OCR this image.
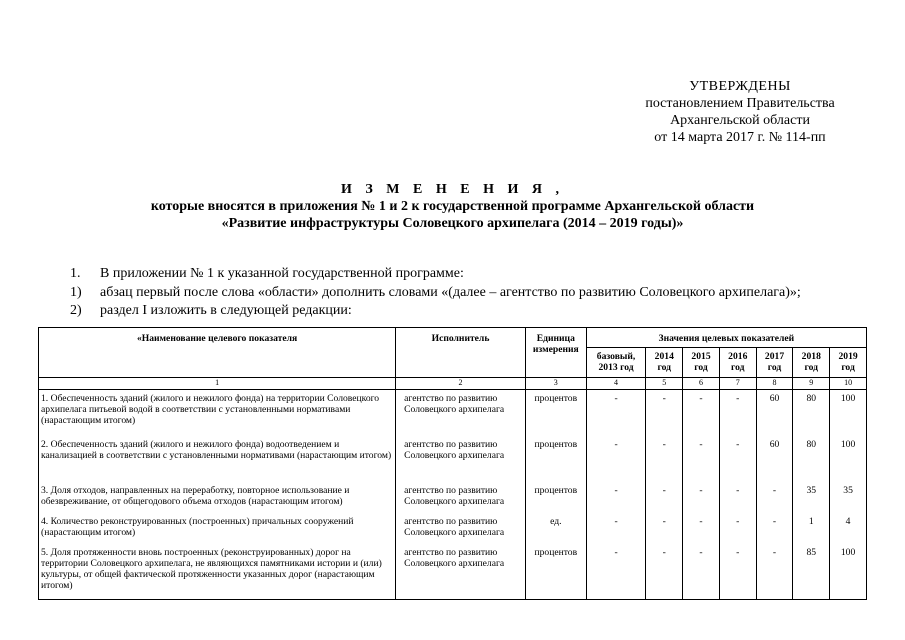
УТВЕРЖДЕНЫ
постановлением Правительства
Архангельской области
от 14 марта 2017 г. № 114-пп
И З М Е Н Е Н И Я ,
которые вносятся в приложения № 1 и 2 к государственной программе Архангельской области
«Развитие инфраструктуры Соловецкого архипелага (2014 – 2019 годы)»
1. В приложении № 1 к указанной государственной программе:
1) абзац первый после слова «области» дополнить словами «(далее – агентство по развитию Соловецкого архипелага)»;
2) раздел I изложить в следующей редакции:
«Наименование целевого показателя	Исполнитель	Единица измерения	Значения целевых показателей						
			базовый, 2013 год	2014 год	2015 год	2016 год	2017 год	2018 год	2019 год
1	2	3	4	5	6	7	8	9	10
1. Обеспеченность зданий (жилого и нежилого фонда) на территории Соловецкого архипелага питьевой водой в соответствии с установленными нормативами (нарастающим итогом)	агентство по развитию Соловецкого архипелага	процентов	-	-	-	-	60	80	100
2. Обеспеченность зданий (жилого и нежилого фонда) водоотведением и канализацией в соответствии с установленными нормативами (нарастающим итогом)	агентство по развитию Соловецкого архипелага	процентов	-	-	-	-	60	80	100
3. Доля отходов, направленных на переработку, повторное использование и обезвреживание, от общегодового объема отходов (нарастающим итогом)	агентство по развитию Соловецкого архипелага	процентов	-	-	-	-	-	35	35
4. Количество реконструированных (построенных) причальных сооружений (нарастающим итогом)	агентство по развитию Соловецкого архипелага	ед.	-	-	-	-	-	1	4
5. Доля протяженности вновь построенных (реконструированных) дорог на территории Соловецкого архипелага, не являющихся памятниками истории и (или) культуры, от общей фактической протяженности указанных дорог (нарастающим итогом)	агентство по развитию Соловецкого архипелага	процентов	-	-	-	-	-	85	100
